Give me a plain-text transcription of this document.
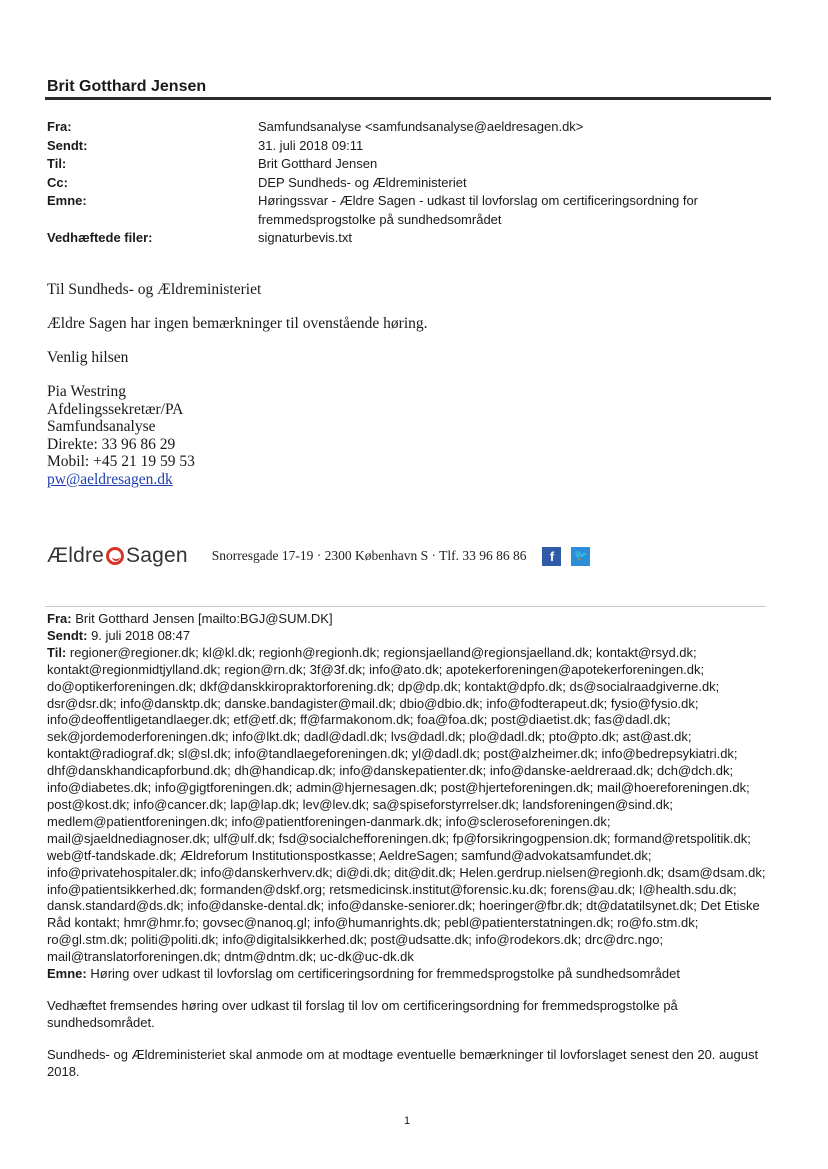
Brit Gotthard Jensen
Fra:	Samfundsanalyse <samfundsanalyse@aeldresagen.dk>
Sendt:	31. juli 2018 09:11
Til:	Brit Gotthard Jensen
Cc:	DEP Sundheds- og Ældreministeriet
Emne:	Høringssvar - Ældre Sagen - udkast til lovforslag om certificeringsordning for fremmedsprogstolke på sundhedsområdet
Vedhæftede filer:	signaturbevis.txt

Til Sundheds- og Ældreministeriet

Ældre Sagen har ingen bemærkninger til ovenstående høring.

Venlig hilsen

Pia Westring
Afdelingssekretær/PA
Samfundsanalyse
Direkte: 33 96 86 29
Mobil: +45 21 19 59 53
pw@aeldresagen.dk
Ældre Sagen Snorresgade 17-19 · 2300 København S · Tlf. 33 96 86 86	f	🐦

Fra: Brit Gotthard Jensen [mailto:BGJ@SUM.DK]

Sendt: 9. juli 2018 08:47

Til: regioner@regioner.dk; kl@kl.dk; regionh@regionh.dk; regionsjaelland@regionsjaelland.dk; kontakt@rsyd.dk; kontakt@regionmidtjylland.dk; region@rn.dk; 3f@3f.dk; info@ato.dk; apotekerforeningen@apotekerforeningen.dk; do@optikerforeningen.dk; dkf@danskkiropraktorforening.dk; dp@dp.dk; kontakt@dpfo.dk; ds@socialraadgiverne.dk; dsr@dsr.dk; info@dansktp.dk; danske.bandagister@mail.dk; dbio@dbio.dk; info@fodterapeut.dk; fysio@fysio.dk; info@deoffentligetandlaeger.dk; etf@etf.dk; ff@farmakonom.dk; foa@foa.dk; post@diaetist.dk; fas@dadl.dk; sek@jordemoderforeningen.dk; info@lkt.dk; dadl@dadl.dk; lvs@dadl.dk; plo@dadl.dk; pto@pto.dk; ast@ast.dk; kontakt@radiograf.dk; sl@sl.dk; info@tandlaegeforeningen.dk; yl@dadl.dk; post@alzheimer.dk; info@bedrepsykiatri.dk; dhf@danskhandicapforbund.dk; dh@handicap.dk; info@danskepatienter.dk; info@danske-aeldreraad.dk; dch@dch.dk; info@diabetes.dk; info@gigtforeningen.dk; admin@hjernesagen.dk; post@hjerteforeningen.dk; mail@hoereforeningen.dk; post@kost.dk; info@cancer.dk; lap@lap.dk; lev@lev.dk; sa@spiseforstyrrelser.dk; landsforeningen@sind.dk; medlem@patientforeningen.dk; info@patientforeningen-danmark.dk; info@scleroseforeningen.dk; mail@sjaeldnediagnoser.dk; ulf@ulf.dk; fsd@socialchefforeningen.dk; fp@forsikringogpension.dk; formand@retspolitik.dk; web@tf-tandskade.dk; Ældreforum Institutionspostkasse; AeldreSagen; samfund@advokatsamfundet.dk; info@privatehospitaler.dk; info@danskerhverv.dk; di@di.dk; dit@dit.dk; Helen.gerdrup.nielsen@regionh.dk; dsam@dsam.dk; info@patientsikkerhed.dk; formanden@dskf.org; retsmedicinsk.institut@forensic.ku.dk; forens@au.dk; I@health.sdu.dk; dansk.standard@ds.dk; info@danske-dental.dk; info@danske-seniorer.dk; hoeringer@fbr.dk; dt@datatilsynet.dk; Det Etiske Råd kontakt; hmr@hmr.fo; govsec@nanoq.gl; info@humanrights.dk; pebl@patienterstatningen.dk; ro@fo.stm.dk; ro@gl.stm.dk; politi@politi.dk; info@digitalsikkerhed.dk; post@udsatte.dk; info@rodekors.dk; drc@drc.ngo; mail@translatorforeningen.dk; dntm@dntm.dk; uc-dk@uc-dk.dk

Emne: Høring over udkast til lovforslag om certificeringsordning for fremmedsprogstolke på sundhedsområdet

Vedhæftet fremsendes høring over udkast til forslag til lov om certificeringsordning for fremmedsprogstolke på sundhedsområdet.

Sundheds- og Ældreministeriet skal anmode om at modtage eventuelle bemærkninger til lovforslaget senest den 20. august 2018.

1
